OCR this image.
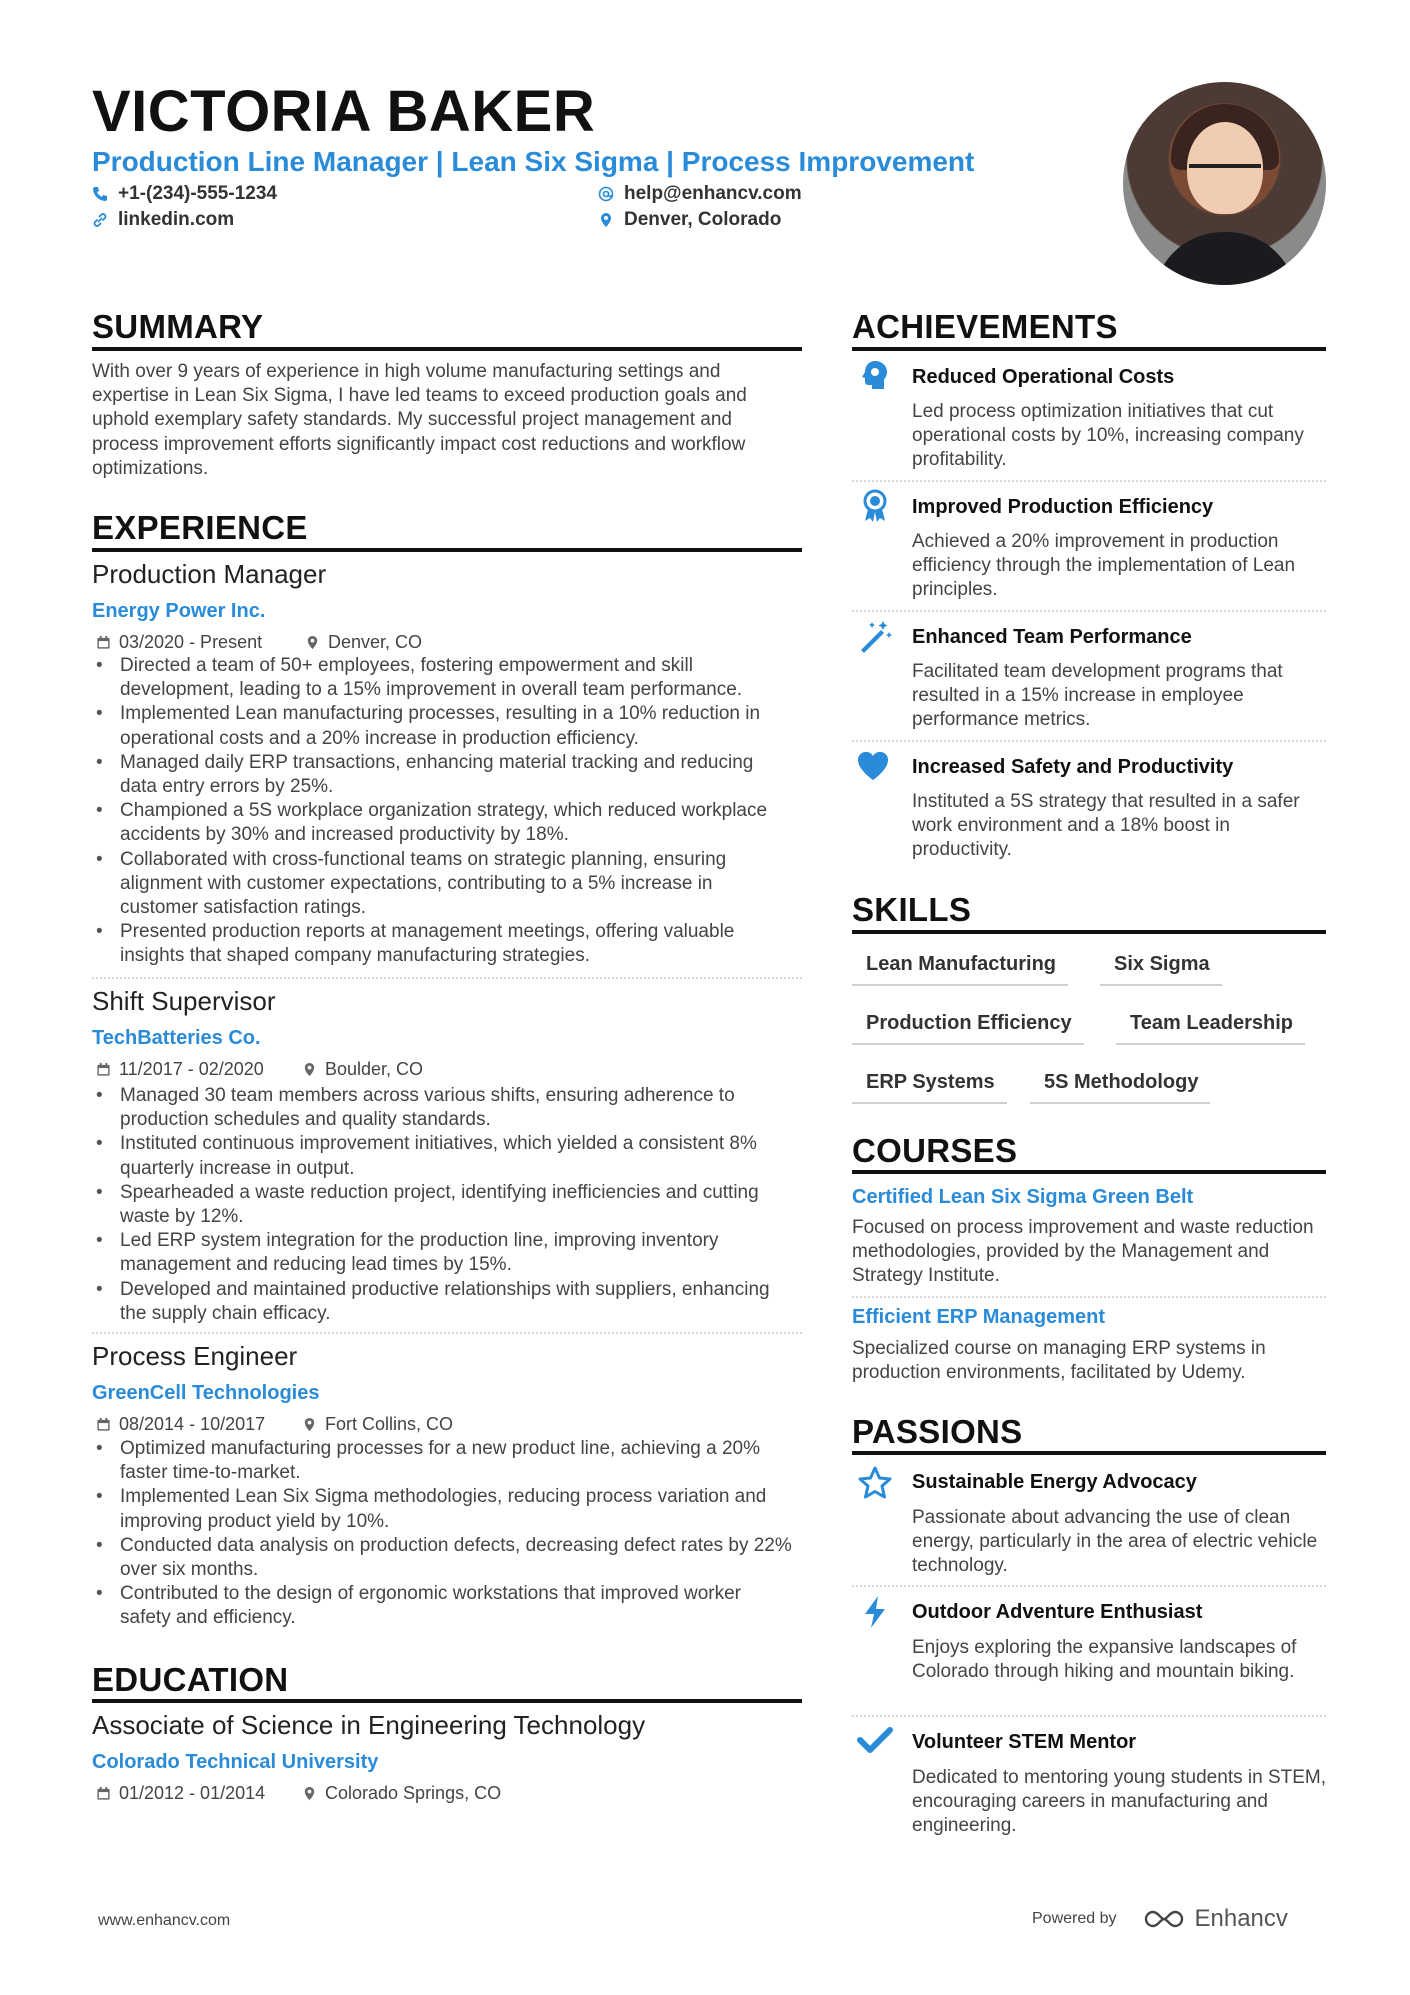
VICTORIA BAKER
Production Line Manager | Lean Six Sigma | Process Improvement
+1-(234)-555-1234	help@enhancv.com
linkedin.com	Denver, Colorado
SUMMARY
With over 9 years of experience in high volume manufacturing settings and expertise in Lean Six Sigma, I have led teams to exceed production goals and uphold exemplary safety standards. My successful project management and process improvement efforts significantly impact cost reductions and workflow optimizations.
EXPERIENCE
Production Manager
Energy Power Inc.
03/2020 - Present	Denver, CO
• Directed a team of 50+ employees, fostering empowerment and skill development, leading to a 15% improvement in overall team performance.
• Implemented Lean manufacturing processes, resulting in a 10% reduction in operational costs and a 20% increase in production efficiency.
• Managed daily ERP transactions, enhancing material tracking and reducing data entry errors by 25%.
• Championed a 5S workplace organization strategy, which reduced workplace accidents by 30% and increased productivity by 18%.
• Collaborated with cross-functional teams on strategic planning, ensuring alignment with customer expectations, contributing to a 5% increase in customer satisfaction ratings.
• Presented production reports at management meetings, offering valuable insights that shaped company manufacturing strategies.
Shift Supervisor
TechBatteries Co.
11/2017 - 02/2020	Boulder, CO
• Managed 30 team members across various shifts, ensuring adherence to production schedules and quality standards.
• Instituted continuous improvement initiatives, which yielded a consistent 8% quarterly increase in output.
• Spearheaded a waste reduction project, identifying inefficiencies and cutting waste by 12%.
• Led ERP system integration for the production line, improving inventory management and reducing lead times by 15%.
• Developed and maintained productive relationships with suppliers, enhancing the supply chain efficacy.
Process Engineer
GreenCell Technologies
08/2014 - 10/2017	Fort Collins, CO
• Optimized manufacturing processes for a new product line, achieving a 20% faster time-to-market.
• Implemented Lean Six Sigma methodologies, reducing process variation and improving product yield by 10%.
• Conducted data analysis on production defects, decreasing defect rates by 22% over six months.
• Contributed to the design of ergonomic workstations that improved worker safety and efficiency.
EDUCATION
Associate of Science in Engineering Technology
Colorado Technical University
01/2012 - 01/2014	Colorado Springs, CO
ACHIEVEMENTS
Reduced Operational Costs
Led process optimization initiatives that cut operational costs by 10%, increasing company profitability.
Improved Production Efficiency
Achieved a 20% improvement in production efficiency through the implementation of Lean principles.
Enhanced Team Performance
Facilitated team development programs that resulted in a 15% increase in employee performance metrics.
Increased Safety and Productivity
Instituted a 5S strategy that resulted in a safer work environment and a 18% boost in productivity.
SKILLS
Lean Manufacturing	Six Sigma
Production Efficiency	Team Leadership
ERP Systems	5S Methodology
COURSES
Certified Lean Six Sigma Green Belt
Focused on process improvement and waste reduction methodologies, provided by the Management and Strategy Institute.
Efficient ERP Management
Specialized course on managing ERP systems in production environments, facilitated by Udemy.
PASSIONS
Sustainable Energy Advocacy
Passionate about advancing the use of clean energy, particularly in the area of electric vehicle technology.
Outdoor Adventure Enthusiast
Enjoys exploring the expansive landscapes of Colorado through hiking and mountain biking.
Volunteer STEM Mentor
Dedicated to mentoring young students in STEM, encouraging careers in manufacturing and engineering.
www.enhancv.com	Powered by	Enhancv
